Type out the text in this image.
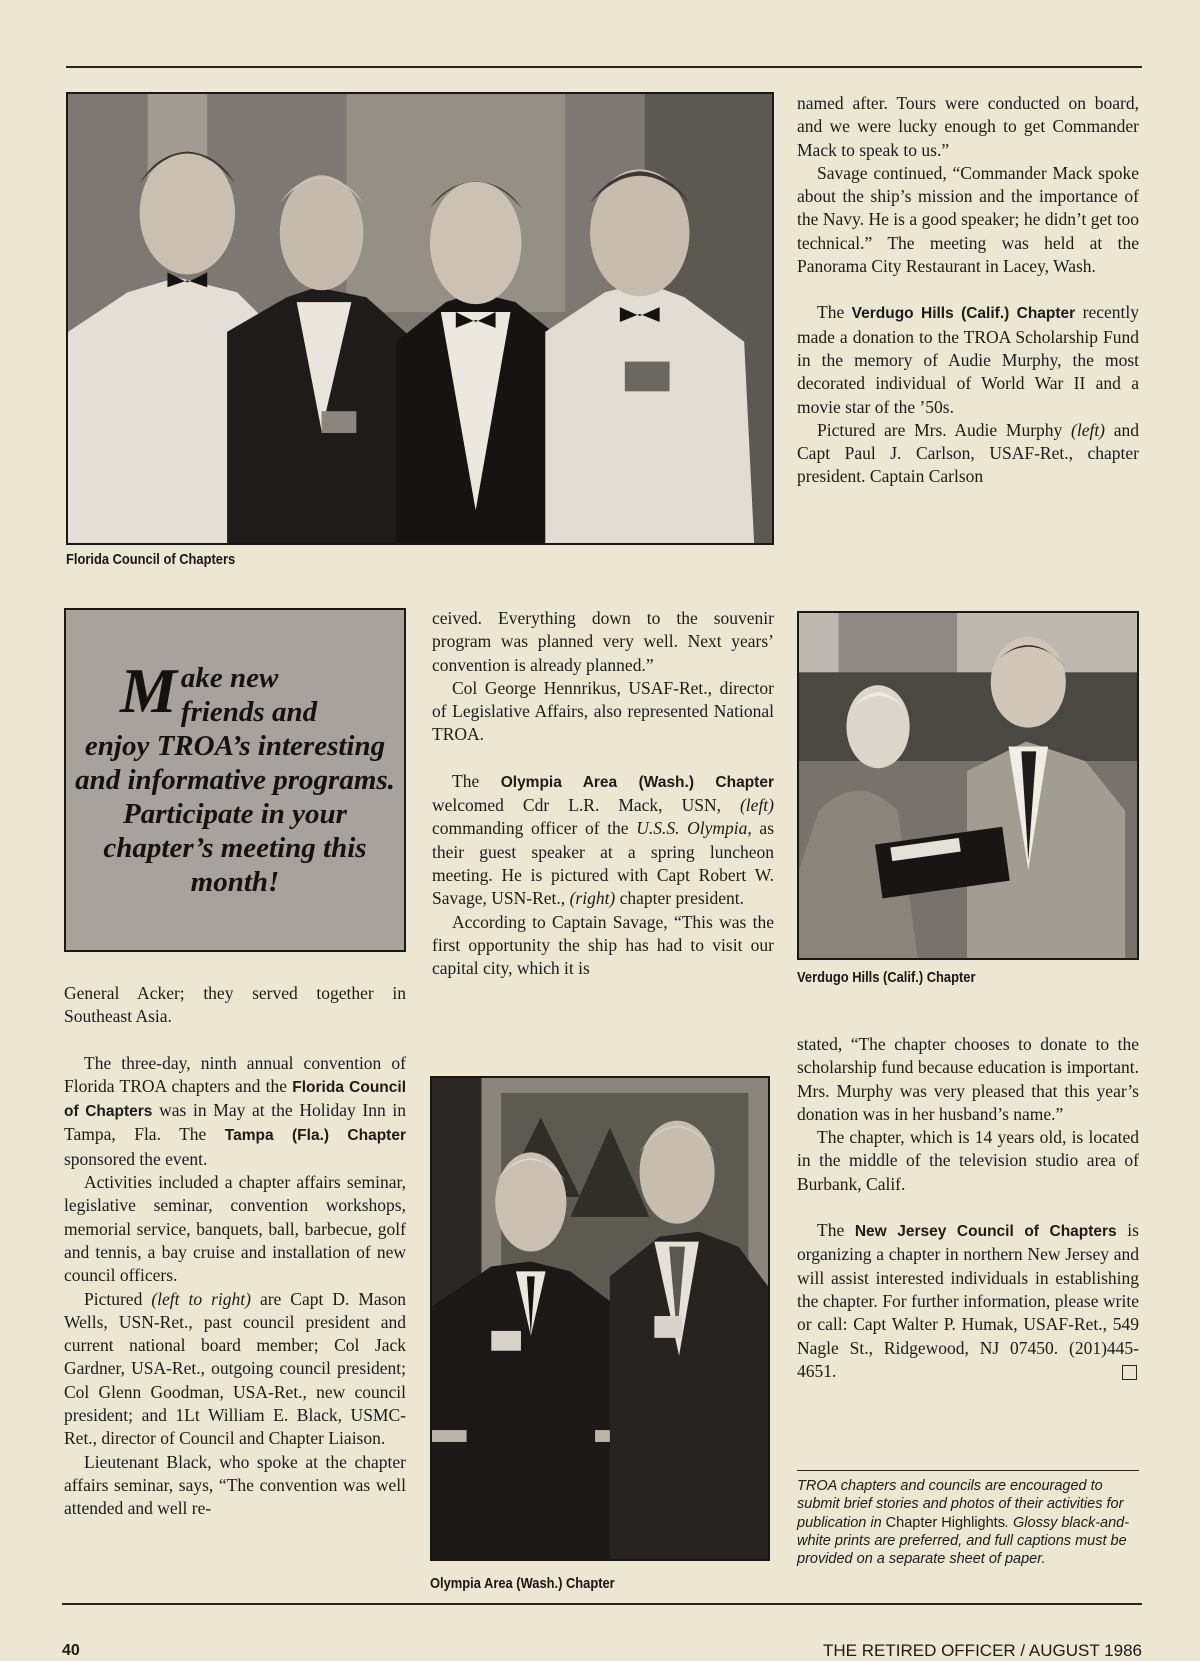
Florida Council of Chapters

named after. Tours were conducted on board, and we were lucky enough to get Commander Mack to speak to us.”

Savage continued, “Commander Mack spoke about the ship’s mission and the importance of the Navy. He is a good speaker; he didn’t get too technical.” The meeting was held at the Panorama City Restaurant in Lacey, Wash.

The Verdugo Hills (Calif.) Chapter recently made a donation to the TROA Scholarship Fund in the memory of Audie Murphy, the most decorated individual of World War II and a movie star of the ’50s.

Pictured are Mrs. Audie Murphy (left) and Capt Paul J. Carlson, USAF-Ret., chapter president. Captain Carlson

M ake new
friends and
enjoy TROA’s interesting and informative programs. Participate in your chapter’s meeting this month!

General Acker; they served together in Southeast Asia.

The three-day, ninth annual convention of Florida TROA chapters and the Florida Council of Chapters was in May at the Holiday Inn in Tampa, Fla. The Tampa (Fla.) Chapter sponsored the event.

Activities included a chapter affairs seminar, legislative seminar, convention workshops, memorial service, banquets, ball, barbecue, golf and tennis, a bay cruise and installation of new council officers.

Pictured (left to right) are Capt D. Mason Wells, USN-Ret., past council president and current national board member; Col Jack Gardner, USA-Ret., outgoing council president; Col Glenn Goodman, USA-Ret., new council president; and 1Lt William E. Black, USMC-Ret., director of Council and Chapter Liaison.

Lieutenant Black, who spoke at the chapter affairs seminar, says, “The convention was well attended and well re-

ceived. Everything down to the souvenir program was planned very well. Next years’ convention is already planned.”

Col George Hennrikus, USAF-Ret., director of Legislative Affairs, also represented National TROA.

The Olympia Area (Wash.) Chapter welcomed Cdr L.R. Mack, USN, (left) commanding officer of the U.S.S. Olympia, as their guest speaker at a spring luncheon meeting. He is pictured with Capt Robert W. Savage, USN-Ret., (right) chapter president.

According to Captain Savage, “This was the first opportunity the ship has had to visit our capital city, which it is	Verdugo Hills (Calif.) Chapter

stated, “The chapter chooses to donate to the scholarship fund because education is important. Mrs. Murphy was very pleased that this year’s donation was in her husband’s name.”

The chapter, which is 14 years old, is located in the middle of the television studio area of Burbank, Calif.

The New Jersey Council of Chapters is organizing a chapter in northern New Jersey and will assist interested individuals in establishing the chapter. For further information, please write or call: Capt Walter P. Humak, USAF-Ret., 549 Nagle St., Ridgewood, NJ 07450. (201)445-4651.

Olympia Area (Wash.) Chapter
TROA chapters and councils are encouraged to submit brief stories and photos of their activities for publication in Chapter Highlights. Glossy black-and-white prints are preferred, and full captions must be provided on a separate sheet of paper.
40	THE RETIRED OFFICER / AUGUST 1986
